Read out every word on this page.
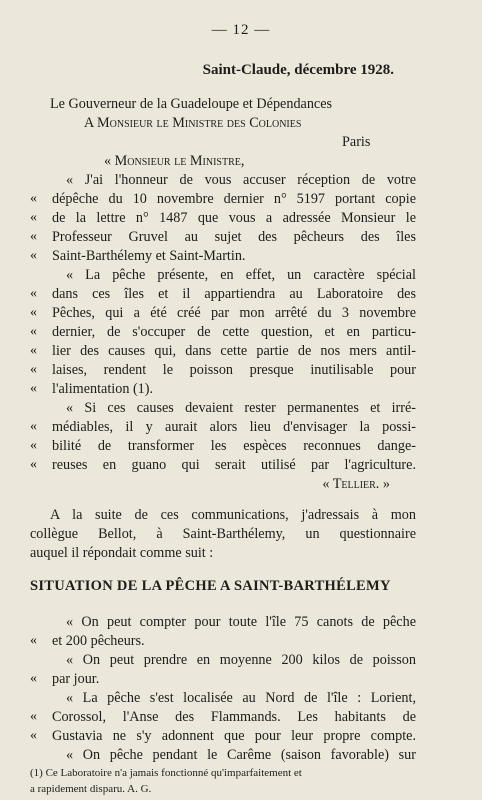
— 12 —
Saint-Claude, décembre 1928.
Le Gouverneur de la Guadeloupe et Dépendances
A Monsieur le Ministre des Colonies
Paris
« Monsieur le Ministre,
« J'ai l'honneur de vous accuser réception de votre
«	dépêche du 10 novembre dernier n° 5197 portant copie
«	de la lettre n° 1487 que vous a adressée Monsieur le
«	Professeur Gruvel au sujet des pêcheurs des îles
«	Saint-Barthélemy et Saint-Martin.
« La pêche présente, en effet, un caractère spécial
«	dans ces îles et il appartiendra au Laboratoire des
«	Pêches, qui a été créé par mon arrêté du 3 novembre
«	dernier, de s'occuper de cette question, et en particu-
«	lier des causes qui, dans cette partie de nos mers antil-
«	laises, rendent le poisson presque inutilisable pour
«	l'alimentation (1).
« Si ces causes devaient rester permanentes et irré-
«	médiables, il y aurait alors lieu d'envisager la possi-
«	bilité de transformer les espèces reconnues dange-
«	reuses en guano qui serait utilisé par l'agriculture.
« Tellier. »
A la suite de ces communications, j'adressais à mon
collègue Bellot, à Saint-Barthélemy, un questionnaire
auquel il répondait comme suit :
SITUATION DE LA PÊCHE A SAINT-BARTHÉLEMY
« On peut compter pour toute l'île 75 canots de pêche
«	et 200 pêcheurs.
« On peut prendre en moyenne 200 kilos de poisson
«	par jour.
« La pêche s'est localisée au Nord de l'île : Lorient,
«	Corossol, l'Anse des Flammands. Les habitants de
«	Gustavia ne s'y adonnent que pour leur propre compte.
« On pêche pendant le Carême (saison favorable) sur
(1) Ce Laboratoire n'a jamais fonctionné qu'imparfaitement et
a rapidement disparu. A. G.
